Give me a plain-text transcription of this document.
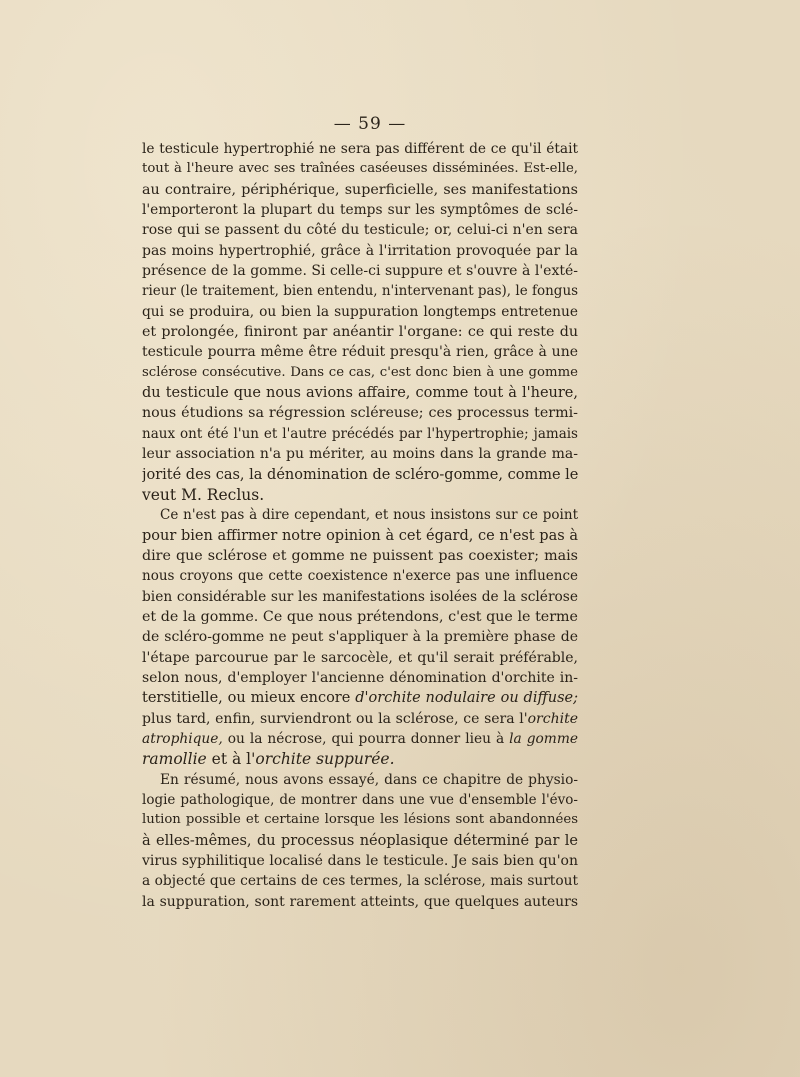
— 59 —
le testicule hypertrophié ne sera pas différent de ce qu'il était
tout à l'heure avec ses traînées caséeuses disséminées. Est-elle,
au contraire, périphérique, superficielle, ses manifestations
l'emporteront la plupart du temps sur les symptômes de sclé-
rose qui se passent du côté du testicule; or, celui-ci n'en sera
pas moins hypertrophié, grâce à l'irritation provoquée par la
présence de la gomme. Si celle-ci suppure et s'ouvre à l'exté-
rieur (le traitement, bien entendu, n'intervenant pas), le fongus
qui se produira, ou bien la suppuration longtemps entretenue
et prolongée, finiront par anéantir l'organe: ce qui reste du
testicule pourra même être réduit presqu'à rien, grâce à une
sclérose consécutive. Dans ce cas, c'est donc bien à une gomme
du testicule que nous avions affaire, comme tout à l'heure,
nous étudions sa régression scléreuse; ces processus termi-
naux ont été l'un et l'autre précédés par l'hypertrophie; jamais
leur association n'a pu mériter, au moins dans la grande ma-
jorité des cas, la dénomination de scléro-gomme, comme le
veut M. Reclus.
Ce n'est pas à dire cependant, et nous insistons sur ce point
pour bien affirmer notre opinion à cet égard, ce n'est pas à
dire que sclérose et gomme ne puissent pas coexister; mais
nous croyons que cette coexistence n'exerce pas une influence
bien considérable sur les manifestations isolées de la sclérose
et de la gomme. Ce que nous prétendons, c'est que le terme
de scléro-gomme ne peut s'appliquer à la première phase de
l'étape parcourue par le sarcocèle, et qu'il serait préférable,
selon nous, d'employer l'ancienne dénomination d'orchite in-
terstitielle, ou mieux encore d'orchite nodulaire ou diffuse;
plus tard, enfin, surviendront ou la sclérose, ce sera l'orchite
atrophique, ou la nécrose, qui pourra donner lieu à la gomme
ramollie et à l'orchite suppurée.
En résumé, nous avons essayé, dans ce chapitre de physio-
logie pathologique, de montrer dans une vue d'ensemble l'évo-
lution possible et certaine lorsque les lésions sont abandonnées
à elles-mêmes, du processus néoplasique déterminé par le
virus syphilitique localisé dans le testicule. Je sais bien qu'on
a objecté que certains de ces termes, la sclérose, mais surtout
la suppuration, sont rarement atteints, que quelques auteurs
